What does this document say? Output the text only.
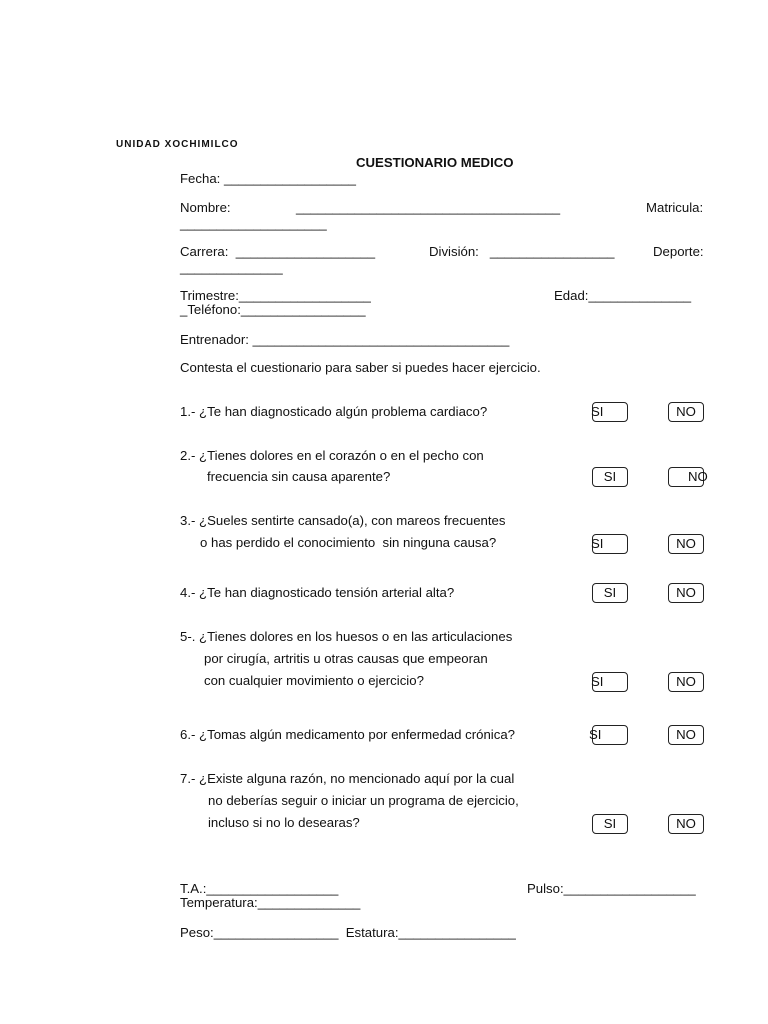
UNIDAD XOCHIMILCO
CUESTIONARIO MEDICO
Fecha: __________________
Nombre:	____________________________________	Matricula:
____________________
Carrera:  ___________________	División:   _________________	Deporte:
______________
Trimestre:__________________	Edad:______________
_Teléfono:_________________
Entrenador: ___________________________________
Contesta el cuestionario para saber si puedes hacer ejercicio.
1.- ¿Te han diagnosticado algún problema cardiaco?	SI	NO
2.- ¿Tienes dolores en el corazón o en el pecho con
frecuencia sin causa aparente?	SI	NO
3.- ¿Sueles sentirte cansado(a), con mareos frecuentes
o has perdido el conocimiento  sin ninguna causa?	SI	NO
4.- ¿Te han diagnosticado tensión arterial alta?	SI	NO
5-. ¿Tienes dolores en los huesos o en las articulaciones
por cirugía, artritis u otras causas que empeoran
con cualquier movimiento o ejercicio?	SI	NO
6.- ¿Tomas algún medicamento por enfermedad crónica?	SI	NO
7.- ¿Existe alguna razón, no mencionado aquí por la cual
no deberías seguir o iniciar un programa de ejercicio,
incluso si no lo desearas?	SI	NO
T.A.:__________________	Pulso:__________________
Temperatura:______________
Peso:_________________  Estatura:________________
